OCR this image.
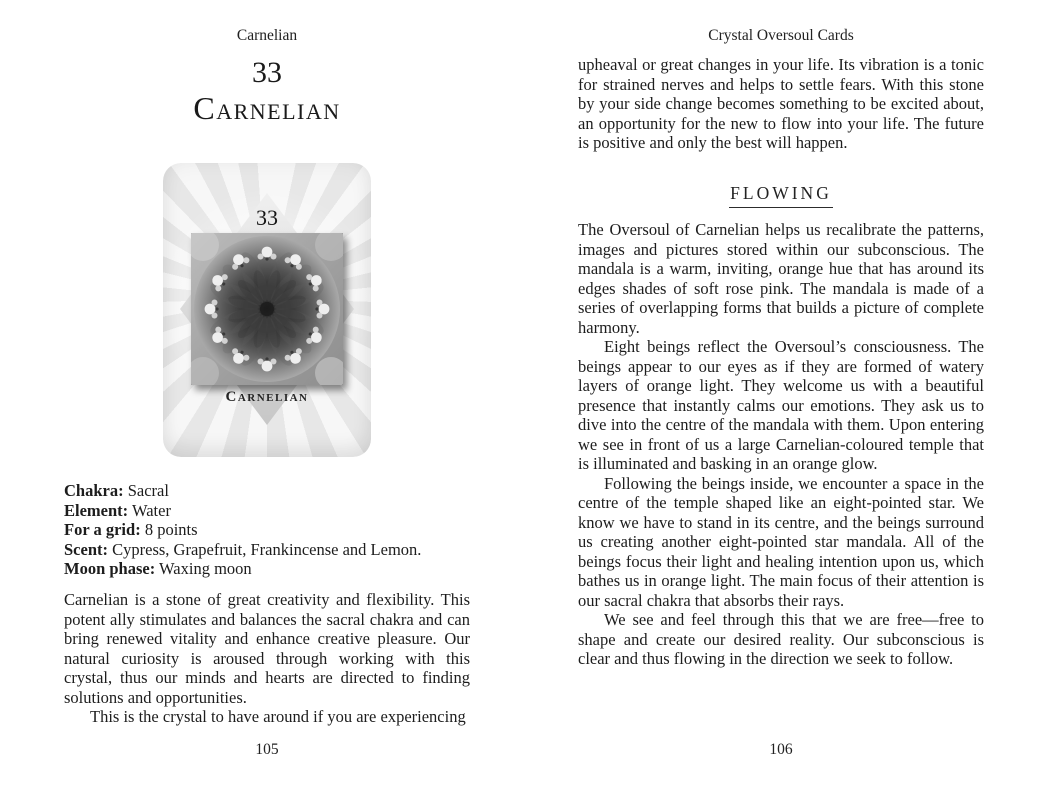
Carnelian
33
Carnelian
33
Carnelian
Chakra: Sacral
Element: Water
For a grid: 8 points
Scent: Cypress, Grapefruit, Frankincense and Lemon.
Moon phase: Waxing moon

Carnelian is a stone of great creativity and flexibility. This potent ally stimulates and balances the sacral chakra and can bring renewed vitality and enhance creative pleasure. Our natural curiosity is aroused through working with this crystal, thus our minds and hearts are directed to finding solutions and opportunities.

This is the crystal to have around if you are experiencing

105
Crystal Oversoul Cards

upheaval or great changes in your life. Its vibration is a tonic for strained nerves and helps to settle fears. With this stone by your side change becomes something to be excited about, an opportunity for the new to flow into your life. The future is positive and only the best will happen.

FLOWING

The Oversoul of Carnelian helps us recalibrate the patterns, images and pictures stored within our subconscious. The mandala is a warm, inviting, orange hue that has around its edges shades of soft rose pink. The mandala is made of a series of overlapping forms that builds a picture of complete harmony.

Eight beings reflect the Oversoul’s consciousness. The beings appear to our eyes as if they are formed of watery layers of orange light. They welcome us with a beautiful presence that instantly calms our emotions. They ask us to dive into the centre of the mandala with them. Upon entering we see in front of us a large Carnelian-coloured temple that is illuminated and basking in an orange glow.

Following the beings inside, we encounter a space in the centre of the temple shaped like an eight-pointed star. We know we have to stand in its centre, and the beings surround us creating another eight-pointed star mandala. All of the beings focus their light and healing intention upon us, which bathes us in orange light. The main focus of their attention is our sacral chakra that absorbs their rays.

We see and feel through this that we are free—free to shape and create our desired reality. Our subconscious is clear and thus flowing in the direction we seek to follow.

106
